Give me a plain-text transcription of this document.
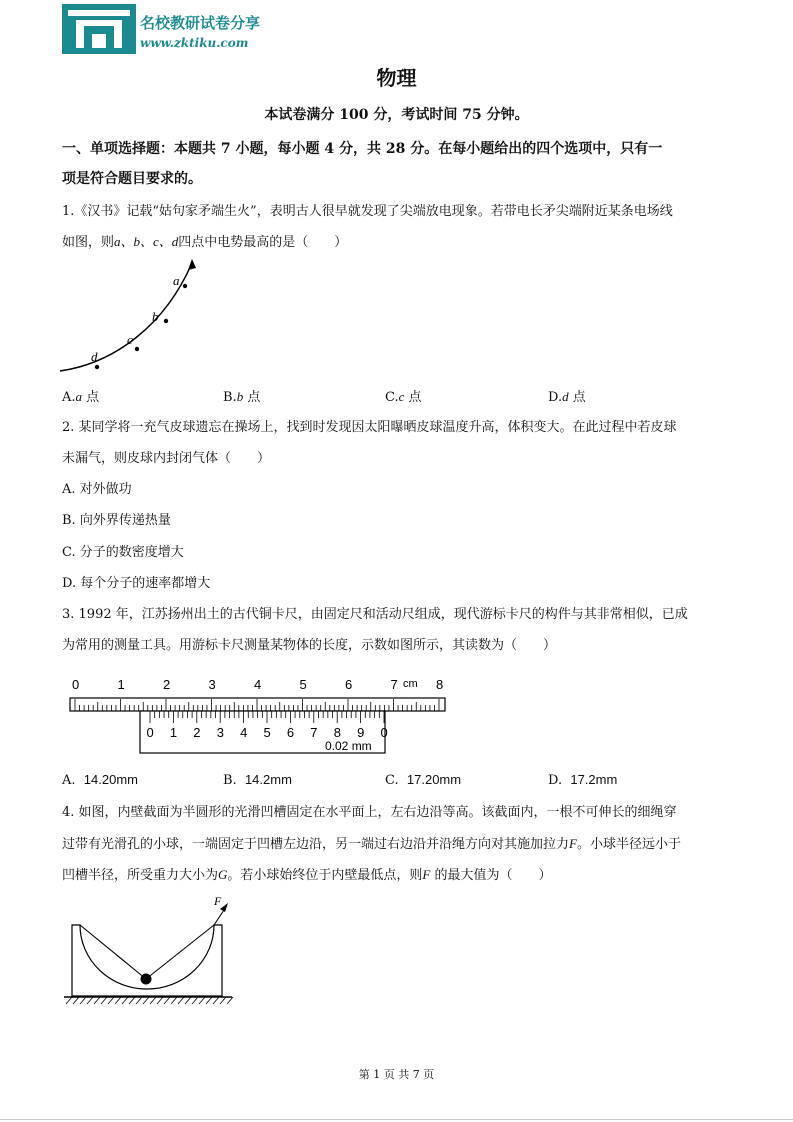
名校教研试卷分享
www.zktiku.com
物理
本试卷满分 100 分，考试时间 75 分钟。
一、单项选择题：本题共 7 小题，每小题 4 分，共 28 分。在每小题给出的四个选项中，只有一
项是符合题目要求的。
1.《汉书》记载“姑句家矛端生火”，表明古人很早就发现了尖端放电现象。若带电长矛尖端附近某条电场线
如图，则a、b、c、d四点中电势最高的是（　　）
a
b
c
d
A.a 点	B.b 点	C.c 点	D.d 点
2. 某同学将一充气皮球遗忘在操场上，找到时发现因太阳曝晒皮球温度升高，体积变大。在此过程中若皮球
未漏气，则皮球内封闭气体（　　）
A. 对外做功
B. 向外界传递热量
C. 分子的数密度增大
D. 每个分子的速率都增大
3. 1992 年，江苏扬州出土的古代铜卡尺，由固定尺和活动尺组成，现代游标卡尺的构件与其非常相似，已成
为常用的测量工具。用游标卡尺测量某物体的长度，示数如图所示，其读数为（　　）
0	1	2	3	4	5	6	7	8
cm
0 1 2 3 4 5 6 7 8 9 0
0.02 mm
A. 14.20mm	B. 14.2mm	C. 17.20mm	D. 17.2mm
4. 如图，内壁截面为半圆形的光滑凹槽固定在水平面上，左右边沿等高。该截面内，一根不可伸长的细绳穿
过带有光滑孔的小球，一端固定于凹槽左边沿，另一端过右边沿并沿绳方向对其施加拉力F。小球半径远小于
凹槽半径，所受重力大小为G。若小球始终位于内壁最低点，则F 的最大值为（　　）
F
第 1 页 共 7 页
